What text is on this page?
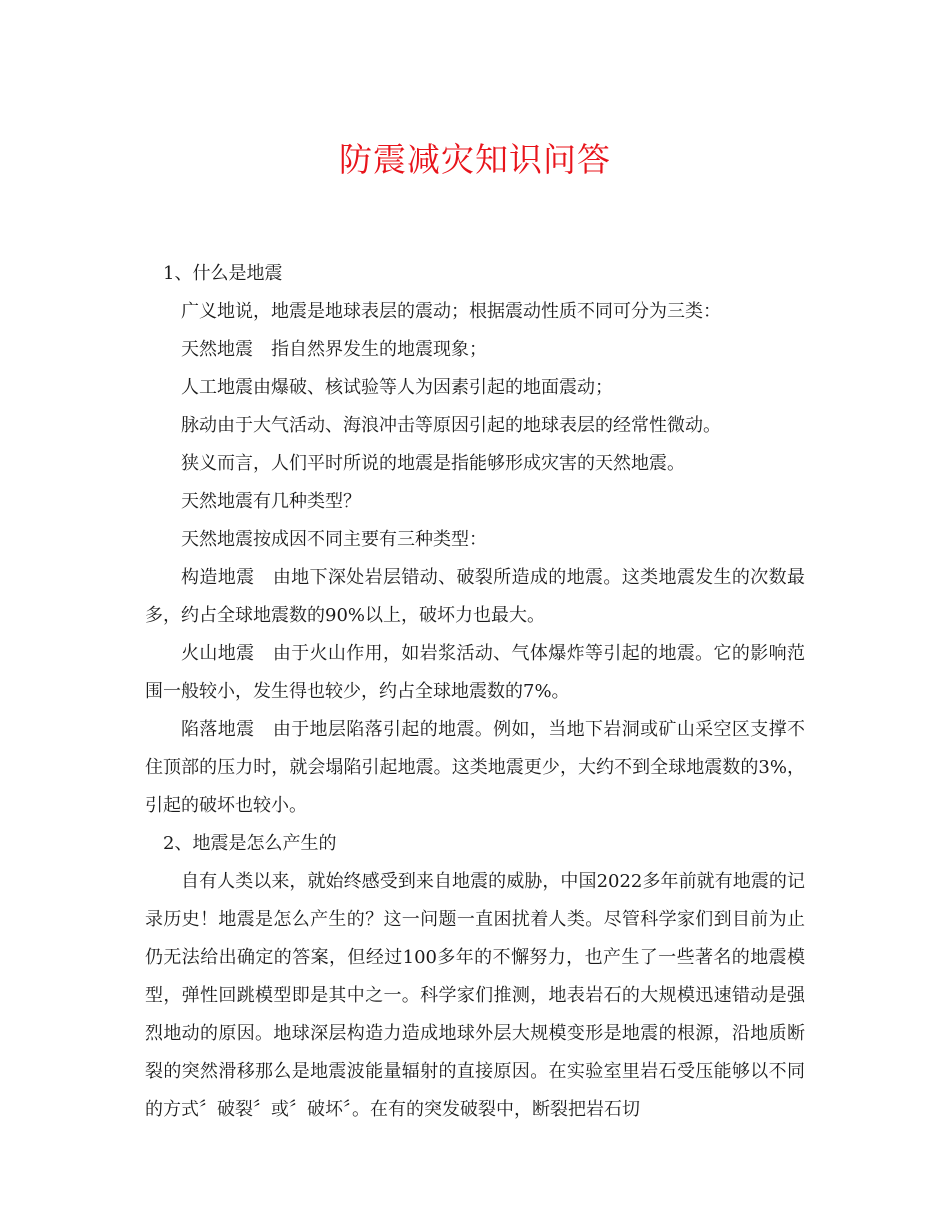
防震减灾知识问答

1、什么是地震

广义地说，地震是地球表层的震动；根据震动性质不同可分为三类：

天然地震　指自然界发生的地震现象；

人工地震由爆破、核试验等人为因素引起的地面震动；

脉动由于大气活动、海浪冲击等原因引起的地球表层的经常性微动。

狭义而言，人们平时所说的地震是指能够形成灾害的天然地震。

天然地震有几种类型？

天然地震按成因不同主要有三种类型：

构造地震　由地下深处岩层错动、破裂所造成的地震。这类地震发生的次数最多，约占全球地震数的90%以上，破坏力也最大。

火山地震　由于火山作用，如岩浆活动、气体爆炸等引起的地震。它的影响范围一般较小，发生得也较少，约占全球地震数的7%。

陷落地震　由于地层陷落引起的地震。例如，当地下岩洞或矿山采空区支撑不住顶部的压力时，就会塌陷引起地震。这类地震更少，大约不到全球地震数的3%，引起的破坏也较小。

2、地震是怎么产生的

自有人类以来，就始终感受到来自地震的威胁，中国2022多年前就有地震的记录历史！地震是怎么产生的？这一问题一直困扰着人类。尽管科学家们到目前为止仍无法给出确定的答案，但经过100多年的不懈努力，也产生了一些著名的地震模型，弹性回跳模型即是其中之一。科学家们推测，地表岩石的大规模迅速错动是强烈地动的原因。地球深层构造力造成地球外层大规模变形是地震的根源，沿地质断裂的突然滑移那么是地震波能量辐射的直接原因。在实验室里岩石受压能够以不同的方式〞破裂〞或〞破坏〞。在有的突发破裂中，断裂把岩石切
